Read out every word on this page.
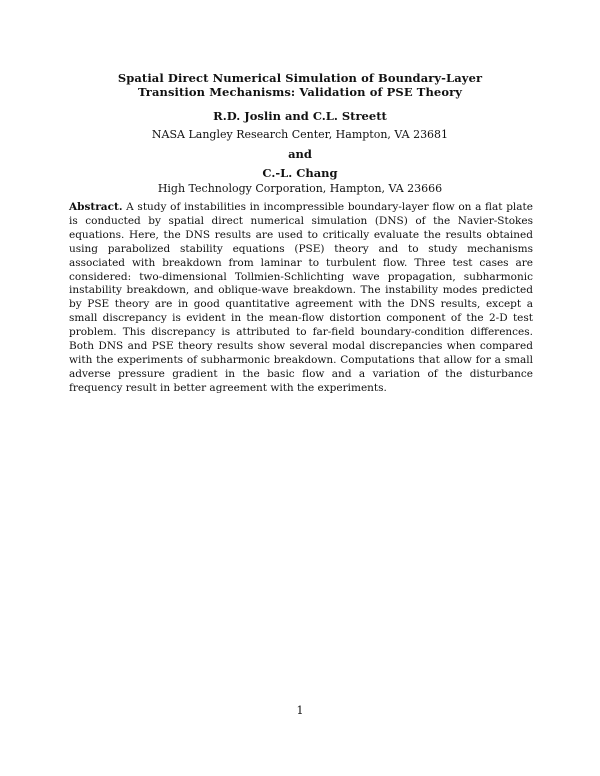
Spatial Direct Numerical Simulation of Boundary-Layer
Transition Mechanisms: Validation of PSE Theory
R.D. Joslin and C.L. Streett
NASA Langley Research Center, Hampton, VA 23681
and
C.-L. Chang
High Technology Corporation, Hampton, VA 23666
Abstract. A study of instabilities in incompressible boundary-layer flow on a flat plate is conducted by spatial direct numerical simulation (DNS) of the Navier-Stokes equations. Here, the DNS results are used to critically evaluate the results obtained using parabolized stability equations (PSE) theory and to study mechanisms associated with breakdown from laminar to turbulent flow. Three test cases are considered: two-dimensional Tollmien-Schlichting wave propagation, subharmonic instability breakdown, and oblique-wave breakdown. The instability modes predicted by PSE theory are in good quantitative agreement with the DNS results, except a small discrepancy is evident in the mean-flow distortion component of the 2-D test problem. This discrepancy is attributed to far-field boundary-condition differences. Both DNS and PSE theory results show several modal discrepancies when compared with the experiments of subharmonic breakdown. Computations that allow for a small adverse pressure gradient in the basic flow and a variation of the disturbance frequency result in better agreement with the experiments.
1
